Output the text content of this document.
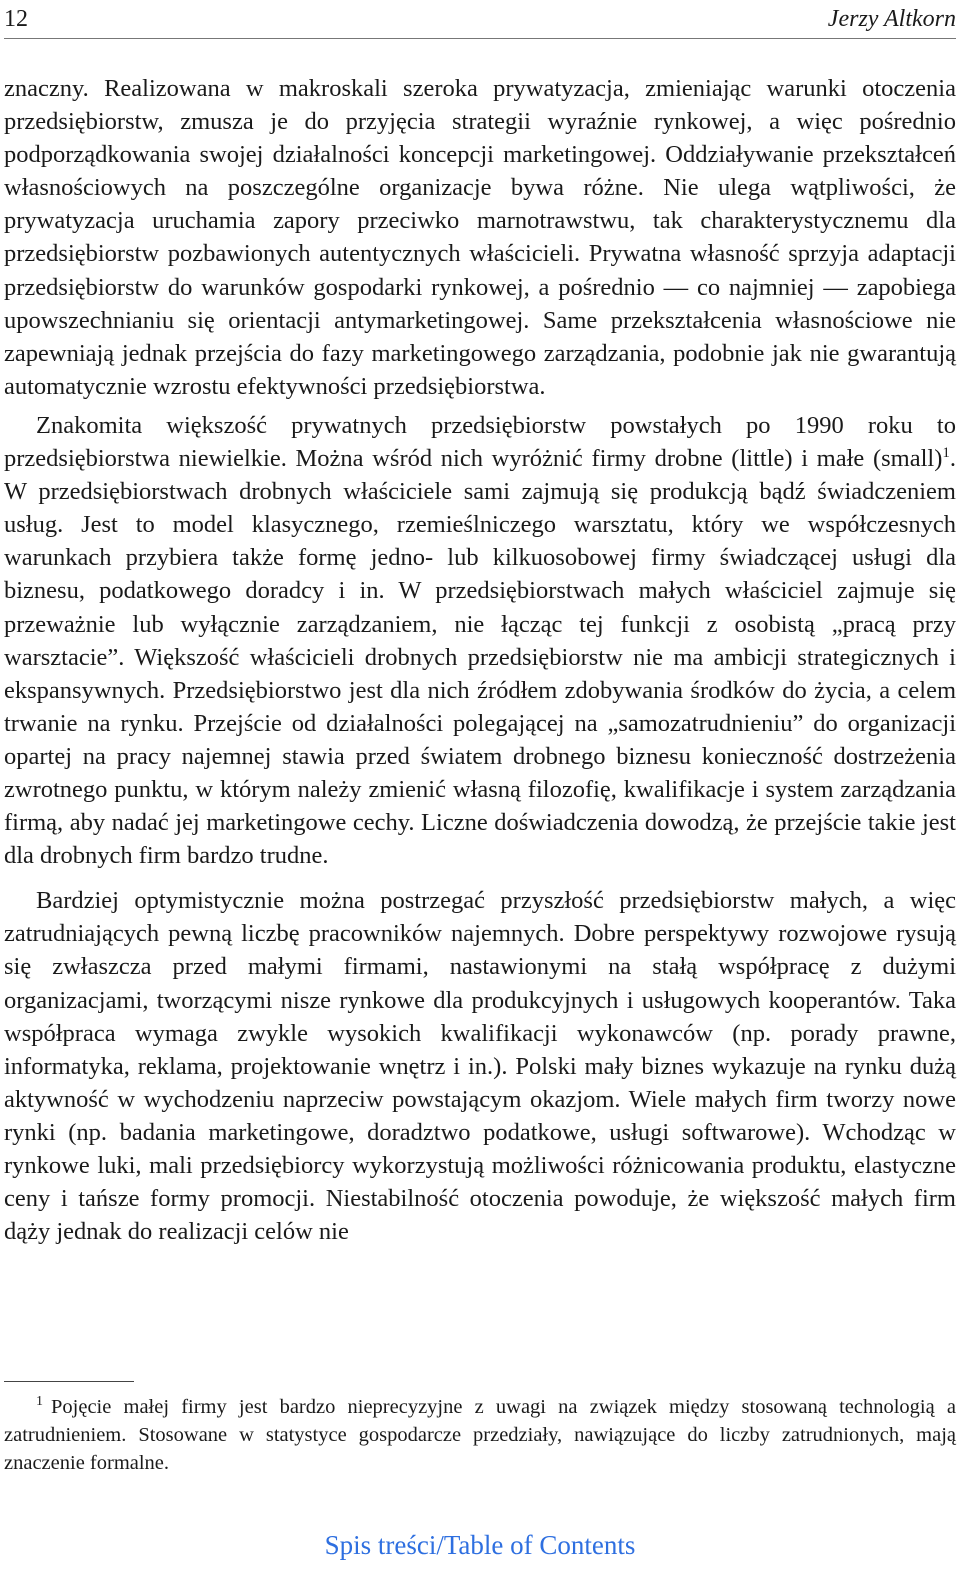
12	Jerzy Altkorn

znaczny. Realizowana w makroskali szeroka prywatyzacja, zmieniając warunki otoczenia przedsiębiorstw, zmusza je do przyjęcia strategii wyraźnie rynkowej, a więc pośrednio podporządkowania swojej działalności koncepcji marketingowej. Oddziaływanie przekształceń własnościowych na poszczególne organizacje bywa różne. Nie ulega wątpliwości, że prywatyzacja uruchamia zapory przeciwko marnotrawstwu, tak charakterystycznemu dla przedsiębiorstw pozbawionych autentycznych właścicieli. Prywatna własność sprzyja adaptacji przedsiębiorstw do warunków gospodarki rynkowej, a pośrednio — co najmniej — zapobiega upowszechnianiu się orientacji antymarketingowej. Same przekształcenia własnościowe nie zapewniają jednak przejścia do fazy marketingowego zarządzania, podobnie jak nie gwarantują automatycznie wzrostu efektywności przedsiębiorstwa.

Znakomita większość prywatnych przedsiębiorstw powstałych po 1990 roku to przedsiębiorstwa niewielkie. Można wśród nich wyróżnić firmy drobne (little) i małe (small)$^1$. W przedsiębiorstwach drobnych właściciele sami zajmują się produkcją bądź świadczeniem usług. Jest to model klasycznego, rzemieślniczego warsztatu, który we współczesnych warunkach przybiera także formę jedno- lub kilkuosobowej firmy świadczącej usługi dla biznesu, podatkowego doradcy i in. W przedsiębiorstwach małych właściciel zajmuje się przeważnie lub wyłącznie zarządzaniem, nie łącząc tej funkcji z osobistą „pracą przy warsztacie”. Większość właścicieli drobnych przedsiębiorstw nie ma ambicji strategicznych i ekspansywnych. Przedsiębiorstwo jest dla nich źródłem zdobywania środków do życia, a celem trwanie na rynku. Przejście od działalności polegającej na „samozatrudnieniu” do organizacji opartej na pracy najemnej stawia przed światem drobnego biznesu konieczność dostrzeżenia zwrotnego punktu, w którym należy zmienić własną filozofię, kwalifikacje i system zarządzania firmą, aby nadać jej marketingowe cechy. Liczne doświadczenia dowodzą, że przejście takie jest dla drobnych firm bardzo trudne.

Bardziej optymistycznie można postrzegać przyszłość przedsiębiorstw małych, a więc zatrudniających pewną liczbę pracowników najemnych. Dobre perspektywy rozwojowe rysują się zwłaszcza przed małymi firmami, nastawionymi na stałą współpracę z dużymi organizacjami, tworzącymi nisze rynkowe dla produkcyjnych i usługowych kooperantów. Taka współpraca wymaga zwykle wysokich kwalifikacji wykonawców (np. porady prawne, informatyka, reklama, projektowanie wnętrz i in.). Polski mały biznes wykazuje na rynku dużą aktywność w wychodzeniu naprzeciw powstającym okazjom. Wiele małych firm tworzy nowe rynki (np. badania marketingowe, doradztwo podatkowe, usługi softwarowe). Wchodząc w rynkowe luki, mali przedsiębiorcy wykorzystują możliwości różnicowania produktu, elastyczne ceny i tańsze formy promocji. Niestabilność otoczenia powoduje, że większość małych firm dąży jednak do realizacji celów nie

$^1$ Pojęcie małej firmy jest bardzo nieprecyzyjne z uwagi na związek między stosowaną technologią a zatrudnieniem. Stosowane w statystyce gospodarcze przedziały, nawiązujące do liczby zatrudnionych, mają znaczenie formalne.
Spis treści/Table of Contents
